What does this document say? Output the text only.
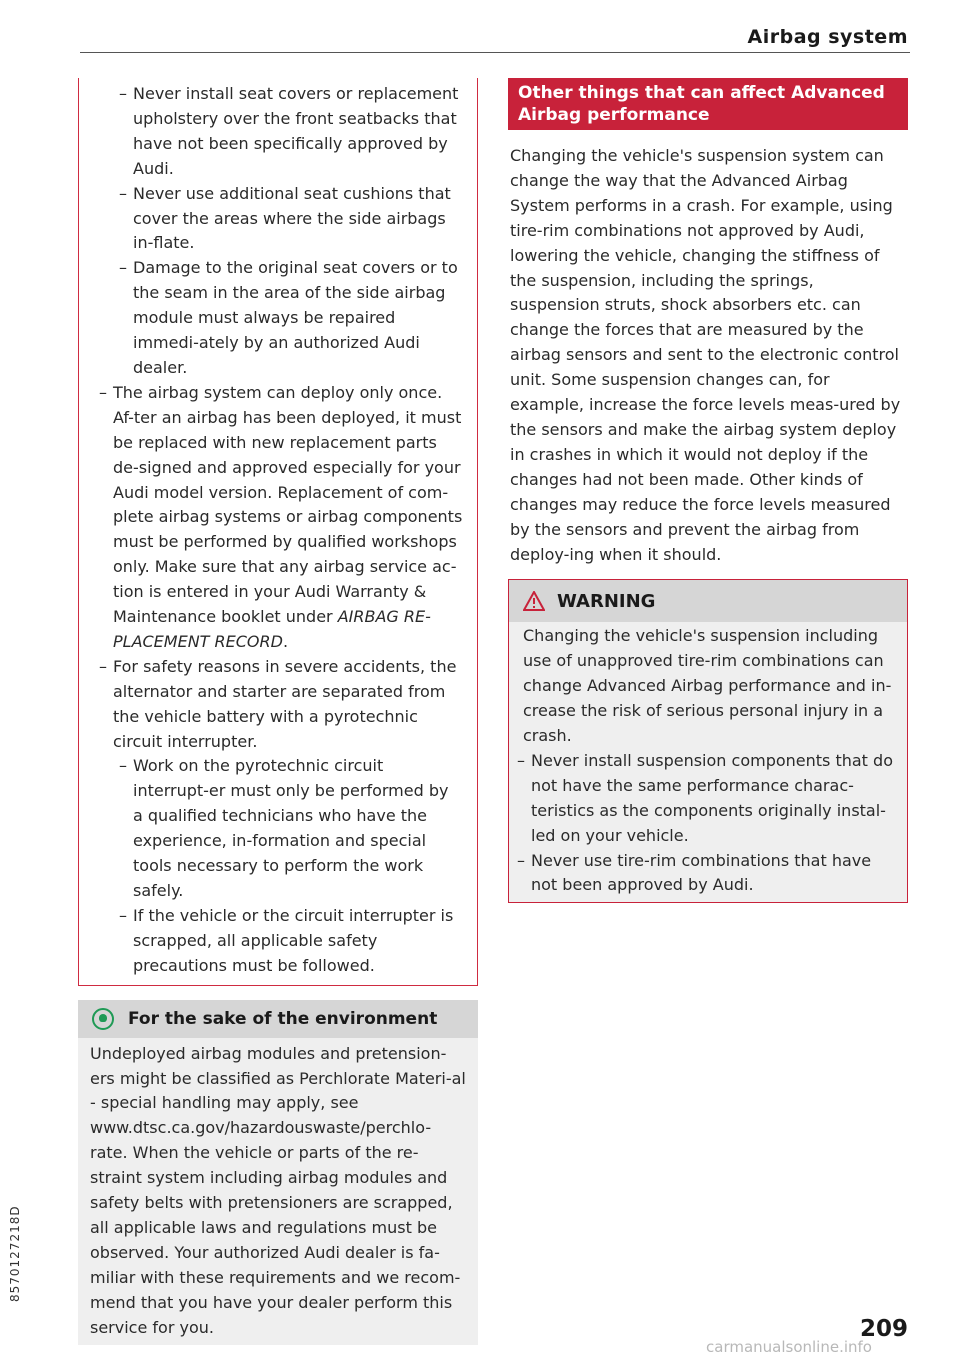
Airbag system

– Never install seat covers or replacement upholstery over the front seatbacks that have not been specifically approved by Audi.

– Never use additional seat cushions that cover the areas where the side airbags in-flate.

– Damage to the original seat covers or to the seam in the area of the side airbag module must always be repaired immedi-ately by an authorized Audi dealer.

– The airbag system can deploy only once. Af-ter an airbag has been deployed, it must be replaced with new replacement parts de-signed and approved especially for your Audi model version. Replacement of com-plete airbag systems or airbag components must be performed by qualified workshops only. Make sure that any airbag service ac-tion is entered in your Audi Warranty & Maintenance booklet under AIRBAG RE-PLACEMENT RECORD.

– For safety reasons in severe accidents, the alternator and starter are separated from the vehicle battery with a pyrotechnic circuit interrupter.

– Work on the pyrotechnic circuit interrupt-er must only be performed by a qualified technicians who have the experience, in-formation and special tools necessary to perform the work safely.

– If the vehicle or the circuit interrupter is scrapped, all applicable safety precautions must be followed.

For the sake of the environment

Undeployed airbag modules and pretension-ers might be classified as Perchlorate Materi-al - special handling may apply, see www.dtsc.ca.gov/hazardouswaste/perchlo-rate. When the vehicle or parts of the re-straint system including airbag modules and safety belts with pretensioners are scrapped, all applicable laws and regulations must be observed. Your authorized Audi dealer is fa-miliar with these requirements and we recom-mend that you have your dealer perform this service for you.

Other things that can affect Advanced Airbag performance

Changing the vehicle's suspension system can change the way that the Advanced Airbag System performs in a crash. For example, using tire-rim combinations not approved by Audi, lowering the vehicle, changing the stiffness of the suspension, including the springs, suspension struts, shock absorbers etc. can change the forces that are measured by the airbag sensors and sent to the electronic control unit. Some suspension changes can, for example, increase the force levels meas-ured by the sensors and make the airbag system deploy in crashes in which it would not deploy if the changes had not been made. Other kinds of changes may reduce the force levels measured by the sensors and prevent the airbag from deploy-ing when it should.

WARNING

Changing the vehicle's suspension including use of unapproved tire-rim combinations can change Advanced Airbag performance and in-crease the risk of serious personal injury in a crash.

– Never install suspension components that do not have the same performance charac-teristics as the components originally instal-led on your vehicle.

– Never use tire-rim combinations that have not been approved by Audi.

8570127218D
209
carmanualsonline.info
